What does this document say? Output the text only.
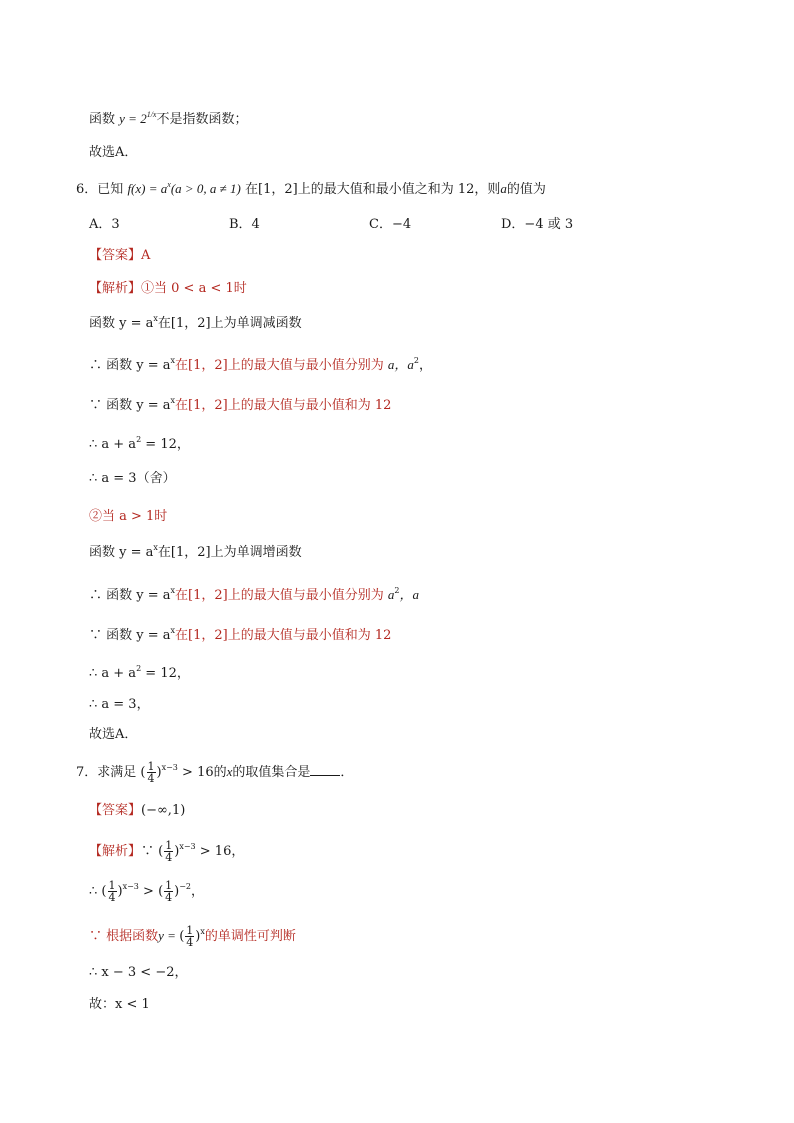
函数 $y = 2^{1/x}$不是指数函数；
故选A．
6．已知 $f(x) = a^x(a > 0$, a ≠ 1) 在[1，2]上的最大值和最小值之和为 12，则a的值为
A．3	B．4	C．−4	D．−4 或 3
【答案】A
【解析】①当 0 < a < 1时
函数 $y = a^x$在[1，2]上为单调减函数
∴ 函数 $y = a^x$在[1，2]上的最大值与最小值分别为 a，$a^2$，
∵ 函数 $y = a^x$在[1，2]上的最大值与最小值和为 12
∴ $a + a^2 = 12$，
∴ a = 3（舍）
②当 a > 1时
函数 $y = a^x$在[1，2]上为单调增函数
∴ 函数 $y = a^x$在[1，2]上的最大值与最小值分别为 $a^2$，a
∵ 函数 $y = a^x$在[1，2]上的最大值与最小值和为 12
∴ $a + a^2 = 12$，
∴ a = 3，
故选A．
7．求满足 ( $\frac{1}{4} )^{x-3} > 16$的x的取值集合是 ．
【答案】(−∞,1)
【解析】∵ ( $\frac{1}{4} )^{x-3} > 16$，
∴ ( $\frac{1}{4} )^{x-3}$ > ( $\frac{1}{4} )^{-2}$，
∵ 根据函数y = ( $\frac{1}{4} )^x$的单调性可判断
∴ x − 3 < −2，
故：x < 1
